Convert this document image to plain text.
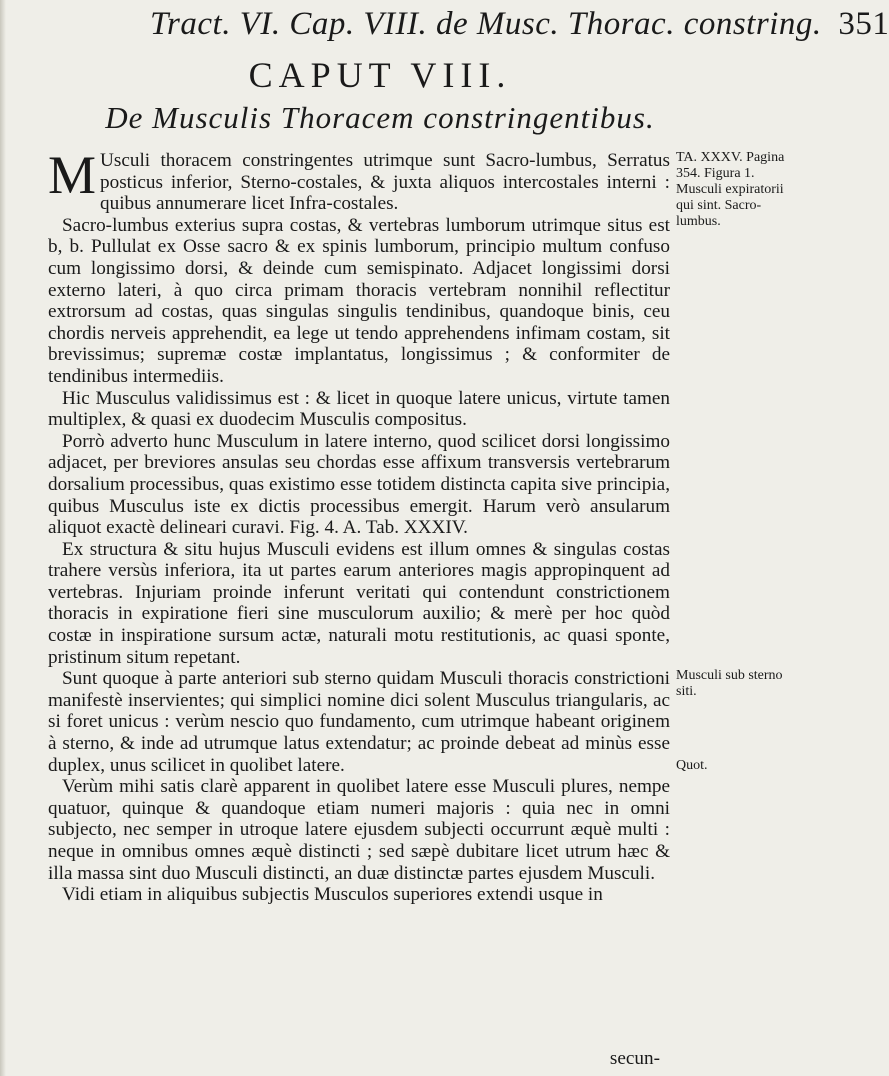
Tract. VI. Cap. VIII. de Musc. Thorac. constring. 351
CAPUT VIII.
De Musculis Thoracem constringentibus.

M Usculi thoracem constringentes utrimque sunt Sacro-lumbus, Serratus posticus inferior, Sterno-costales, & juxta aliquos intercostales interni : quibus annumerare licet Infra-costales.

Sacro-lumbus exterius supra costas, & vertebras lumborum utrimque situs est b, b. Pullulat ex Osse sacro & ex spinis lumborum, principio multum confuso cum longissimo dorsi, & deinde cum semispinato. Adjacet longissimi dorsi externo lateri, à quo circa primam thoracis vertebram nonnihil reflectitur extrorsum ad costas, quas singulas singulis tendinibus, quandoque binis, ceu chordis nerveis apprehendit, ea lege ut tendo apprehendens infimam costam, sit brevissimus; supremæ costæ implantatus, longissimus ; & conformiter de tendinibus intermediis.

Hic Musculus validissimus est : & licet in quoque latere unicus, virtute tamen multiplex, & quasi ex duodecim Musculis compositus.

Porrò adverto hunc Musculum in latere interno, quod scilicet dorsi longissimo adjacet, per breviores ansulas seu chordas esse affixum transversis vertebrarum dorsalium processibus, quas existimo esse totidem distincta capita sive principia, quibus Musculus iste ex dictis processibus emergit. Harum verò ansularum aliquot exactè delineari curavi. Fig. 4. A. Tab. XXXIV.

Ex structura & situ hujus Musculi evidens est illum omnes & singulas costas trahere versùs inferiora, ita ut partes earum anteriores magis appropinquent ad vertebras. Injuriam proinde inferunt veritati qui contendunt constrictionem thoracis in expiratione fieri sine musculorum auxilio; & merè per hoc quòd costæ in inspiratione sursum actæ, naturali motu restitutionis, ac quasi sponte, pristinum situm repetant.

Sunt quoque à parte anteriori sub sterno quidam Musculi thoracis constrictioni manifestè inservientes; qui simplici nomine dici solent Musculus triangularis, ac si foret unicus : verùm nescio quo fundamento, cum utrimque habeant originem à sterno, & inde ad utrumque latus extendatur; ac proinde debeat ad minùs esse duplex, unus scilicet in quolibet latere.

Verùm mihi satis clarè apparent in quolibet latere esse Musculi plures, nempe quatuor, quinque & quandoque etiam numeri majoris : quia nec in omni subjecto, nec semper in utroque latere ejusdem subjecti occurrunt æquè multi : neque in omnibus omnes æquè distincti ; sed sæpè dubitare licet utrum hæc & illa massa sint duo Musculi distincti, an duæ distinctæ partes ejusdem Musculi.

Vidi etiam in aliquibus subjectis Musculos superiores extendi usque in

TA. XXXV. Pagina 354. Figura 1. Musculi expiratorii qui sint. Sacro-lumbus.
Musculi sub sterno siti.
Quot.
secun-
